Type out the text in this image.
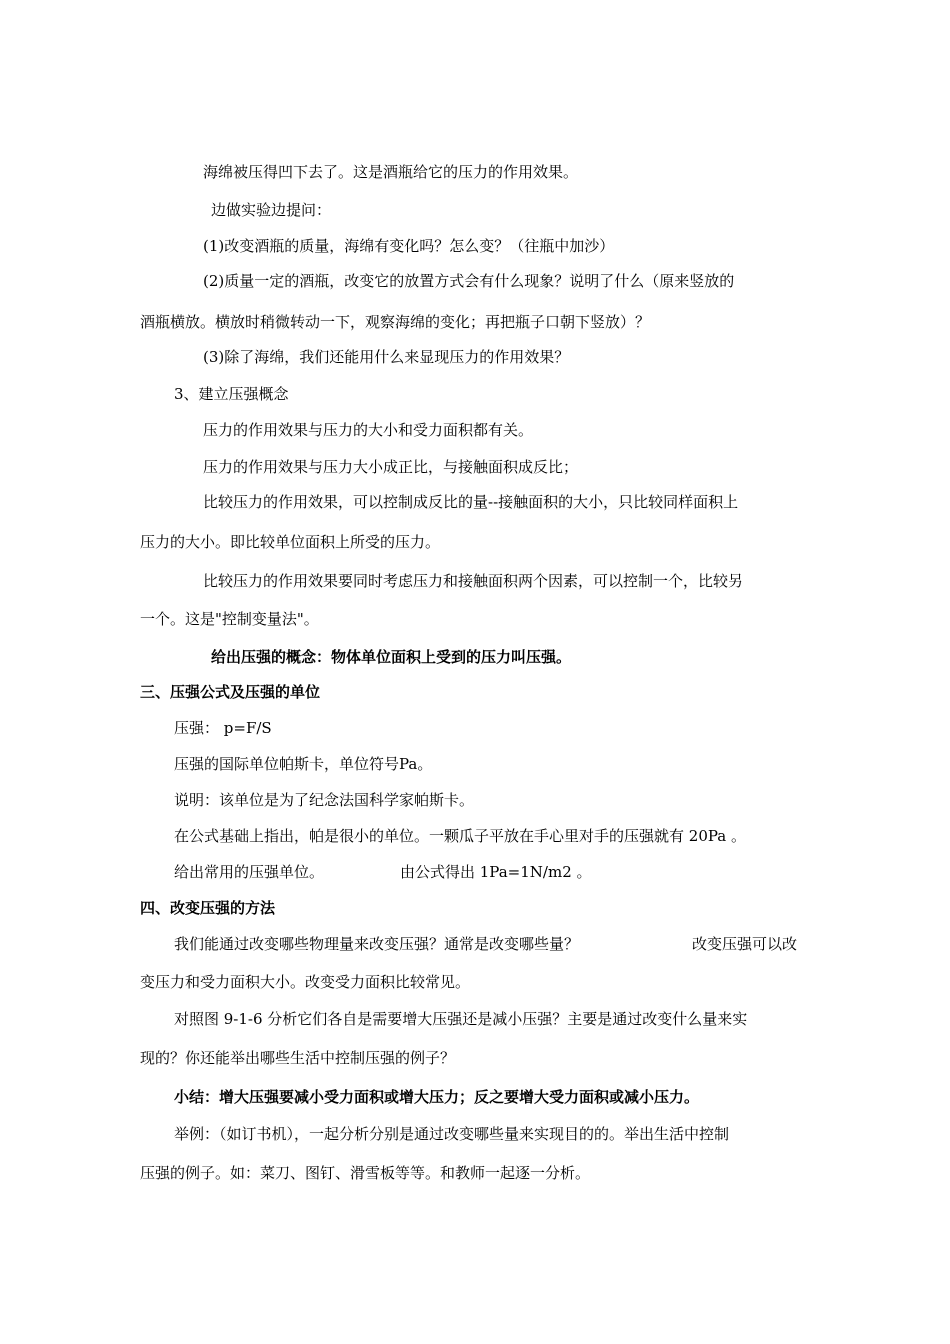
海绵被压得凹下去了。这是酒瓶给它的压力的作用效果。
边做实验边提问：
(1)改变酒瓶的质量，海绵有变化吗？怎么变？（往瓶中加沙）
(2)质量一定的酒瓶，改变它的放置方式会有什么现象？说明了什么（原来竖放的
酒瓶横放。横放时稍微转动一下，观察海绵的变化；再把瓶子口朝下竖放）？
(3)除了海绵，我们还能用什么来显现压力的作用效果？
3、建立压强概念
压力的作用效果与压力的大小和受力面积都有关。
压力的作用效果与压力大小成正比，与接触面积成反比；
比较压力的作用效果，可以控制成反比的量--接触面积的大小，只比较同样面积上
压力的大小。即比较单位面积上所受的压力。
比较压力的作用效果要同时考虑压力和接触面积两个因素，可以控制一个，比较另
一个。这是"控制变量法"。
给出压强的概念：物体单位面积上受到的压力叫压强。
三、压强公式及压强的单位
压强： p=F/S
压强的国际单位帕斯卡，单位符号Pa。
说明：该单位是为了纪念法国科学家帕斯卡。
在公式基础上指出，帕是很小的单位。一颗瓜子平放在手心里对手的压强就有 20Pa 。
给出常用的压强单位。	由公式得出 1Pa=1N/m2 。
四、改变压强的方法
我们能通过改变哪些物理量来改变压强？通常是改变哪些量？	改变压强可以改
变压力和受力面积大小。改变受力面积比较常见。
对照图 9-1-6 分析它们各自是需要增大压强还是减小压强？主要是通过改变什么量来实
现的？你还能举出哪些生活中控制压强的例子？
小结：增大压强要减小受力面积或增大压力；反之要增大受力面积或减小压力。
举例：（如订书机），一起分析分别是通过改变哪些量来实现目的的。举出生活中控制
压强的例子。如：菜刀、图钉、滑雪板等等。和教师一起逐一分析。
